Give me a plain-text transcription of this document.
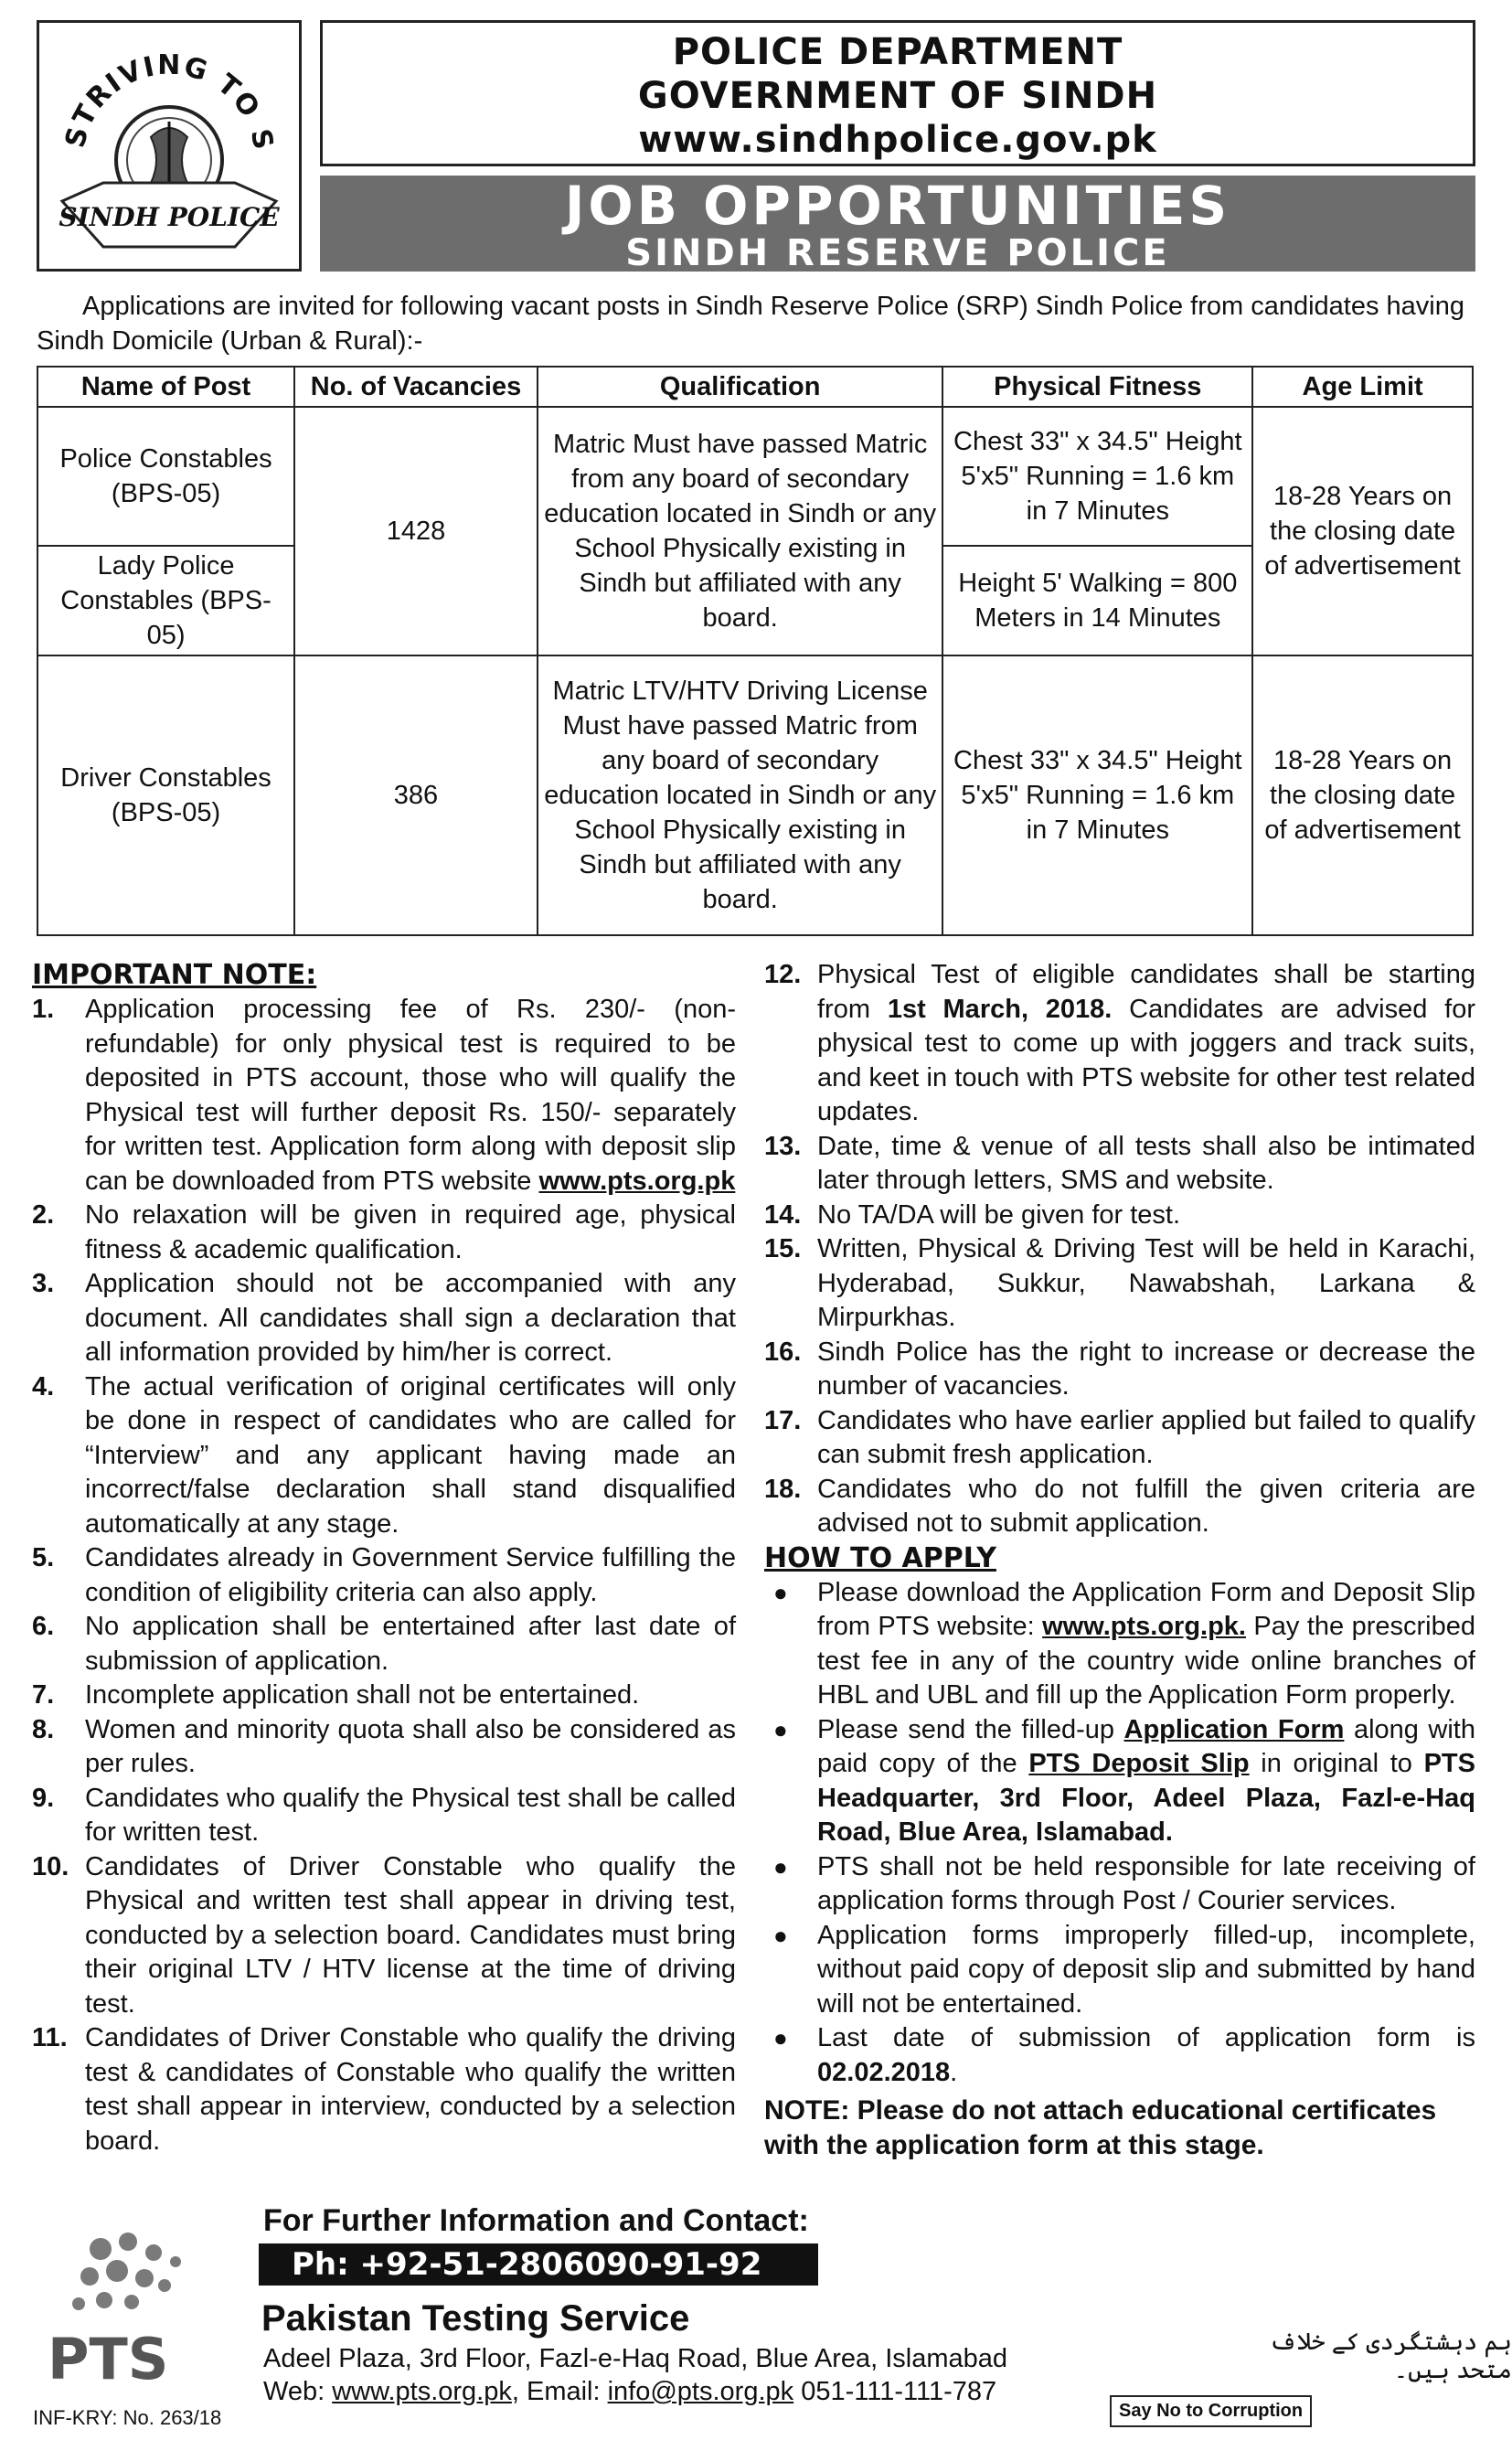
STRIVING TO S
SINDH POLICE
POLICE DEPARTMENT
GOVERNMENT OF SINDH
www.sindhpolice.gov.pk
JOB OPPORTUNITIES
SINDH RESERVE POLICE
Applications are invited for following vacant posts in Sindh Reserve Police (SRP) Sindh Police from candidates having Sindh Domicile (Urban & Rural):-
Name of Post	No. of Vacancies	Qualification	Physical Fitness	Age Limit
Police Constables (BPS-05)	1428	Matric Must have passed Matric from any board of secondary education located in Sindh or any School Physically existing in Sindh but affiliated with any board.	Chest 33" x 34.5" Height 5'x5" Running = 1.6 km in 7 Minutes	18-28 Years on the closing date of advertisement
Lady Police Constables (BPS-05)			Height 5' Walking = 800 Meters in 14 Minutes	
Driver Constables (BPS-05)	386	Matric LTV/HTV Driving License Must have passed Matric from any board of secondary education located in Sindh or any School Physically existing in Sindh but affiliated with any board.	Chest 33" x 34.5" Height 5'x5" Running = 1.6 km in 7 Minutes	18-28 Years on the closing date of advertisement
IMPORTANT NOTE:
1.	Application processing fee of Rs. 230/- (non-refundable) for only physical test is required to be deposited in PTS account, those who will qualify the Physical test will further deposit Rs. 150/- separately for written test. Application form along with deposit slip can be downloaded from PTS website www.pts.org.pk
2.	No relaxation will be given in required age, physical fitness & academic qualification.
3.	Application should not be accompanied with any document. All candidates shall sign a declaration that all information provided by him/her is correct.
4.	The actual verification of original certificates will only be done in respect of candidates who are called for “Interview” and any applicant having made an incorrect/false declaration shall stand disqualified automatically at any stage.
5.	Candidates already in Government Service fulfilling the condition of eligibility criteria can also apply.
6.	No application shall be entertained after last date of submission of application.
7.	Incomplete application shall not be entertained.
8.	Women and minority quota shall also be considered as per rules.
9.	Candidates who qualify the Physical test shall be called for written test.
10. Candidates of Driver Constable who qualify the Physical and written test shall appear in driving test, conducted by a selection board. Candidates must bring their original LTV / HTV license at the time of driving test.
11. Candidates of Driver Constable who qualify the driving test & candidates of Constable who qualify the written test shall appear in interview, conducted by a selection board.
12. Physical Test of eligible candidates shall be starting from 1st March, 2018. Candidates are advised for physical test to come up with joggers and track suits, and keet in touch with PTS website for other test related updates.
13. Date, time & venue of all tests shall also be intimated later through letters, SMS and website.
14. No TA/DA will be given for test.
15. Written, Physical & Driving Test will be held in Karachi, Hyderabad, Sukkur, Nawabshah, Larkana & Mirpurkhas.
16. Sindh Police has the right to increase or decrease the number of vacancies.
17. Candidates who have earlier applied but failed to qualify can submit fresh application.
18. Candidates who do not fulfill the given criteria are advised not to submit application.
HOW TO APPLY
●	Please download the Application Form and Deposit Slip from PTS website: www.pts.org.pk. Pay the prescribed test fee in any of the country wide online branches of HBL and UBL and fill up the Application Form properly.
●	Please send the filled-up Application Form along with paid copy of the PTS Deposit Slip in original to PTS Headquarter, 3rd Floor, Adeel Plaza, Fazl-e-Haq Road, Blue Area, Islamabad.
●	PTS shall not be held responsible for late receiving of application forms through Post / Courier services.
●	Application forms improperly filled-up, incomplete, without paid copy of deposit slip and submitted by hand will not be entertained.
●	Last date of submission of application form is 02.02.2018.
NOTE: Please do not attach educational certificates with the application form at this stage.
PTS
For Further Information and Contact:
Ph: +92-51-2806090-91-92
Pakistan Testing Service
Adeel Plaza, 3rd Floor, Fazl-e-Haq Road, Blue Area, Islamabad
Web: www.pts.org.pk, Email: info@pts.org.pk 051-111-111-787
INF-KRY: No. 263/18
ہم دہشتگردی کے خلاف متحد ہیں۔
Say No to Corruption
